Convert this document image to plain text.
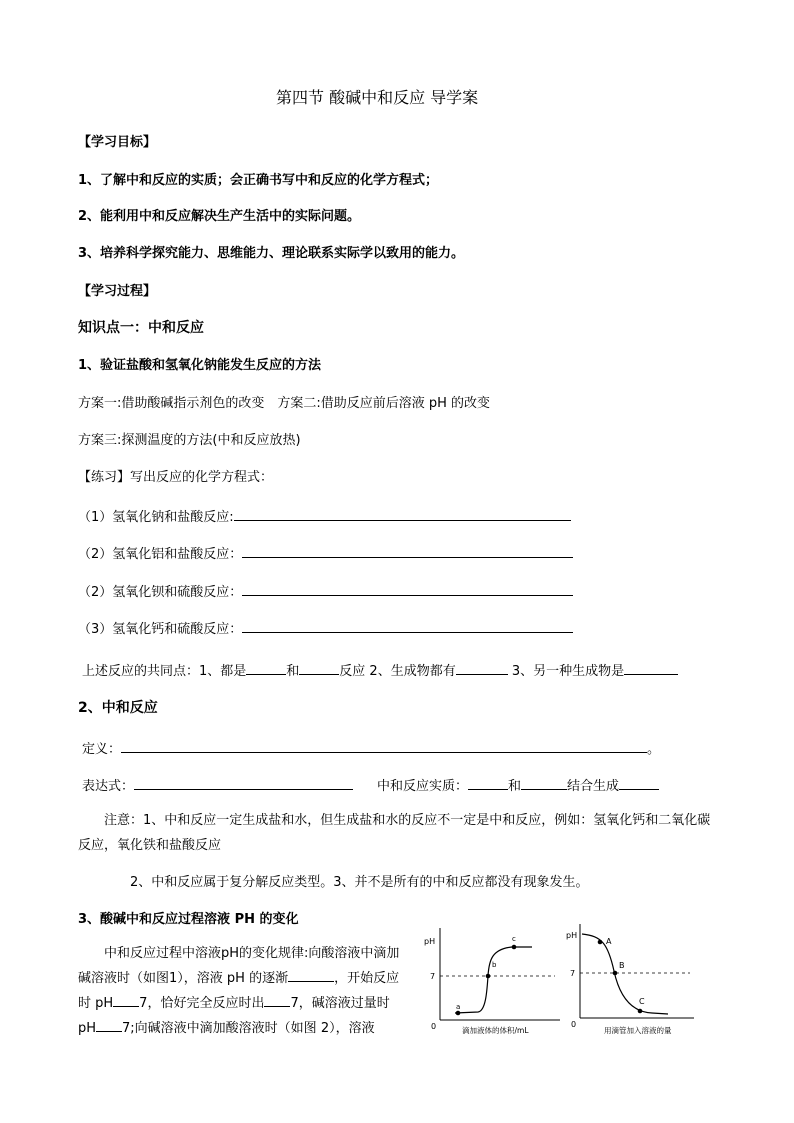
第四节 酸碱中和反应 导学案
【学习目标】
1、了解中和反应的实质；会正确书写中和反应的化学方程式；
2、能利用中和反应解决生产生活中的实际问题。
3、培养科学探究能力、思维能力、理论联系实际学以致用的能力。
【学习过程】
知识点一：中和反应
1、验证盐酸和氢氧化钠能发生反应的方法
方案一:借助酸碱指示剂色的改变　方案二:借助反应前后溶液 pH 的改变
方案三:探测温度的方法(中和反应放热)
【练习】写出反应的化学方程式：
（1）氢氧化钠和盐酸反应:
（2）氢氧化铝和盐酸反应：
（2）氢氧化钡和硫酸反应：
（3）氢氧化钙和硫酸反应：
上述反应的共同点：1、都是	和	反应 2、生成物都有	3、另一种生成物是
2、中和反应
定义：	。
表达式：	中和反应实质：	和	结合生成
注意：1、中和反应一定生成盐和水，但生成盐和水的反应不一定是中和反应，例如：氢氧化钙和二氧化碳反应，氧化铁和盐酸反应
2、中和反应属于复分解反应类型。3、并不是所有的中和反应都没有现象发生。
3、酸碱中和反应过程溶液 PH 的变化
中和反应过程中溶液pH的变化规律:向酸溶液中滴加碱溶液时（如图1），溶液 pH 的逐渐	，开始反应时 pH 7，恰好完全反应时出 7，碱溶液过量时 pH 7;向碱溶液中滴加酸溶液时（如图 2），溶液
pH
7
0
a
b
c
滴加液体的体积/mL
pH
7
0
A
B
C
用滴管加入溶液的量
